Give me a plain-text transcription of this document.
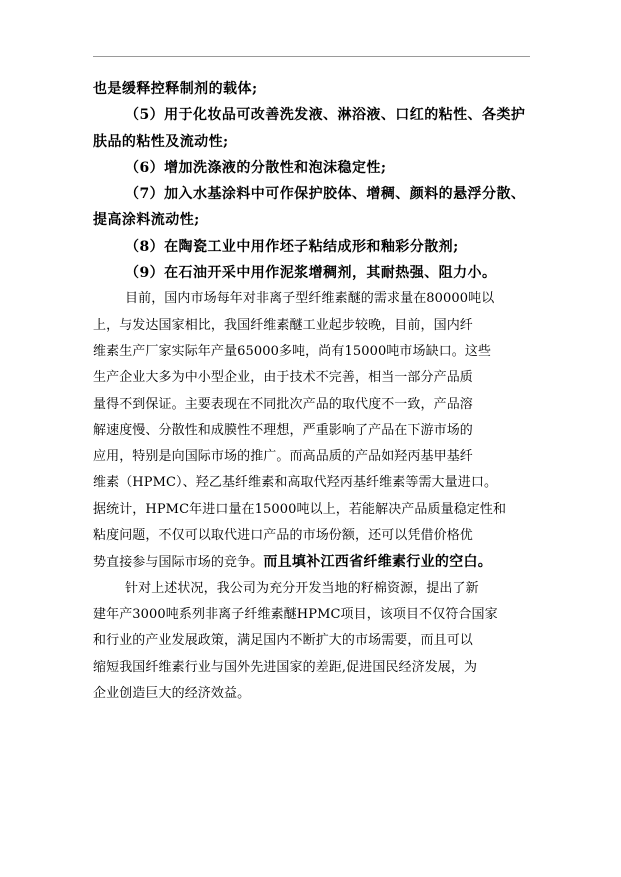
也是缓释控释制剂的载体;
（5）用于化妆品可改善洗发液、淋浴液、口红的粘性、各类护
肤品的粘性及流动性;
（6）增加洗涤液的分散性和泡沫稳定性;
（7）加入水基涂料中可作保护胶体、增稠、颜料的悬浮分散、
提高涂料流动性;
（8）在陶瓷工业中用作坯子粘结成形和釉彩分散剂;
（9）在石油开采中用作泥浆增稠剂，其耐热强、阻力小。
目前，国内市场每年对非离子型纤维素醚的需求量在80000吨以
上，与发达国家相比，我国纤维素醚工业起步较晚，目前，国内纤
维素生产厂家实际年产量65000多吨，尚有15000吨市场缺口。这些
生产企业大多为中小型企业，由于技术不完善，相当一部分产品质
量得不到保证。主要表现在不同批次产品的取代度不一致，产品溶
解速度慢、分散性和成膜性不理想，严重影响了产品在下游市场的
应用，特别是向国际市场的推广。而高品质的产品如羟丙基甲基纤
维素（HPMC）、羟乙基纤维素和高取代羟丙基纤维素等需大量进口。
据统计，HPMC年进口量在15000吨以上，若能解决产品质量稳定性和
粘度问题，不仅可以取代进口产品的市场份额，还可以凭借价格优
势直接参与国际市场的竞争。而且填补江西省纤维素行业的空白。
针对上述状况，我公司为充分开发当地的籽棉资源，提出了新
建年产3000吨系列非离子纤维素醚HPMC项目，该项目不仅符合国家
和行业的产业发展政策，满足国内不断扩大的市场需要，而且可以
缩短我国纤维素行业与国外先进国家的差距,促进国民经济发展，为
企业创造巨大的经济效益。
